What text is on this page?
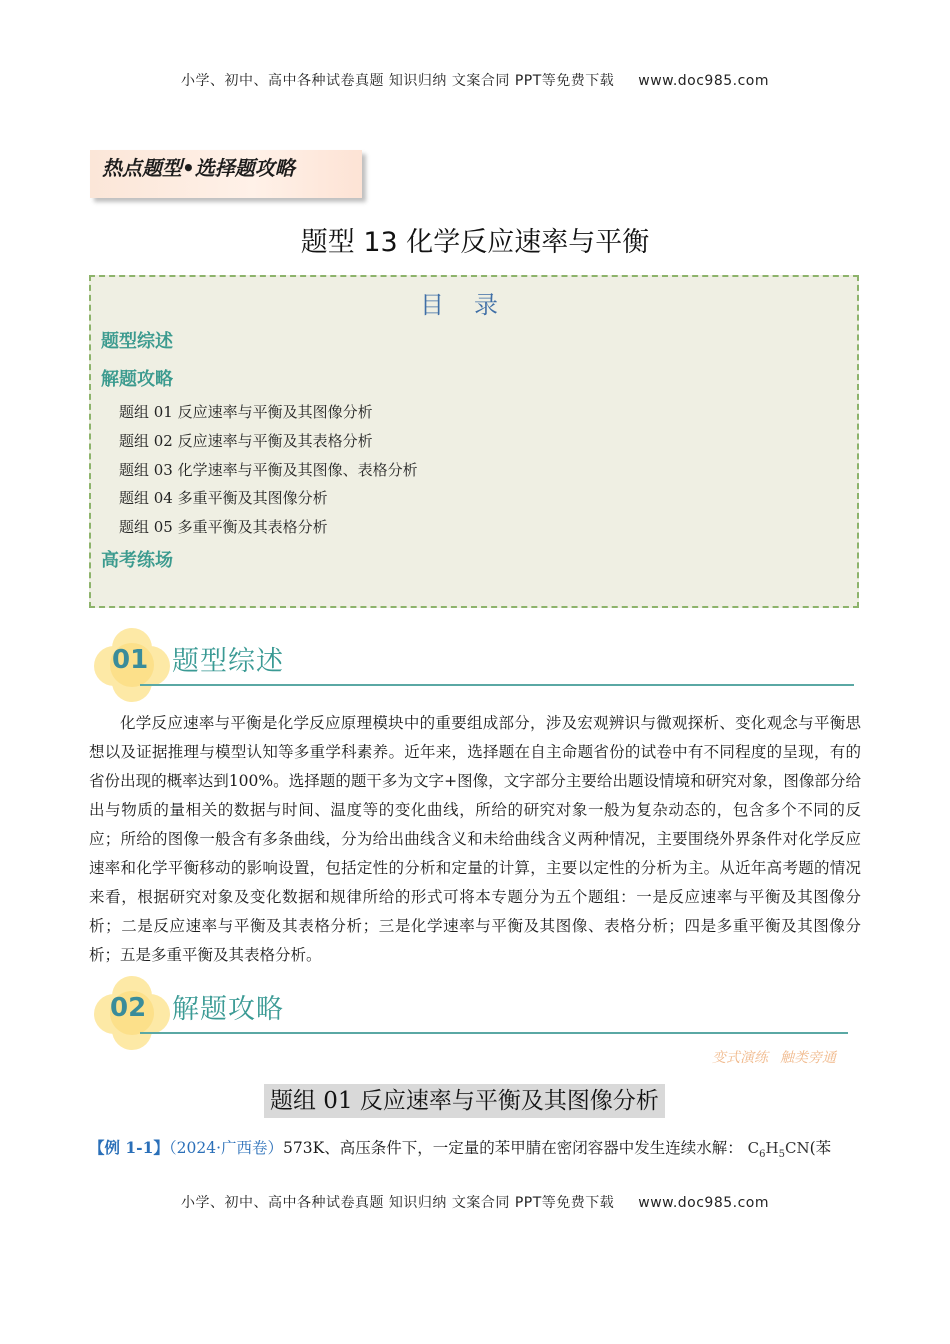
小学、初中、高中各种试卷真题 知识归纳 文案合同 PPT等免费下载 www.doc985.com
热点题型•选择题攻略
题型 13 化学反应速率与平衡
目录
题型综述
解题攻略
题组 01 反应速率与平衡及其图像分析
题组 02 反应速率与平衡及其表格分析
题组 03 化学速率与平衡及其图像、表格分析
题组 04 多重平衡及其图像分析
题组 05 多重平衡及其表格分析
高考练场
01 题型综述
化学反应速率与平衡是化学反应原理模块中的重要组成部分，涉及宏观辨识与微观探析、变化观念与平衡思想以及证据推理与模型认知等多重学科素养。近年来，选择题在自主命题省份的试卷中有不同程度的呈现，有的省份出现的概率达到100%。选择题的题干多为文字+图像，文字部分主要给出题设情境和研究对象，图像部分给出与物质的量相关的数据与时间、温度等的变化曲线，所给的研究对象一般为复杂动态的，包含多个不同的反应；所给的图像一般含有多条曲线，分为给出曲线含义和未给曲线含义两种情况，主要围绕外界条件对化学反应速率和化学平衡移动的影响设置，包括定性的分析和定量的计算，主要以定性的分析为主。从近年高考题的情况来看，根据研究对象及变化数据和规律所给的形式可将本专题分为五个题组：一是反应速率与平衡及其图像分析；二是反应速率与平衡及其表格分析；三是化学速率与平衡及其图像、表格分析；四是多重平衡及其图像分析；五是多重平衡及其表格分析。
02 解题攻略
变式演练 触类旁通
题组 01 反应速率与平衡及其图像分析
【例 1-1】（2024·广西卷）573K、高压条件下，一定量的苯甲腈在密闭容器中发生连续水解： $C_6H_5CN$(苯
小学、初中、高中各种试卷真题 知识归纳 文案合同 PPT等免费下载 www.doc985.com
